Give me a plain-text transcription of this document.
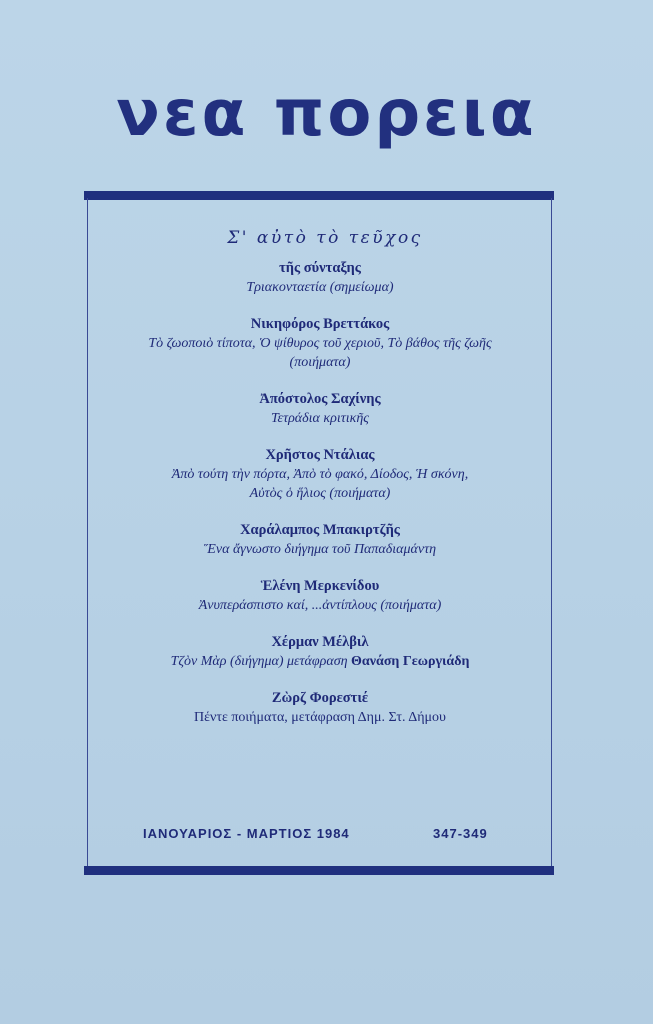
νεα πορεια
Σ' αὐτὸ τὸ τεῦχος
τῆς σύνταξης
Τριακονταετία (σημείωμα)
Νικηφόρος Βρεττάκος
Τὸ ζωοποιὸ τίποτα, Ὁ ψίθυρος τοῦ χεριοῦ, Τὸ βάθος τῆς ζωῆς
(ποιήματα)
Ἀπόστολος Σαχίνης
Τετράδια κριτικῆς
Χρῆστος Ντάλιας
Ἀπὸ τούτη τὴν πόρτα, Ἀπὸ τὸ φακό, Δίοδος, Ἡ σκόνη,
Αὐτὸς ὁ ἥλιος (ποιήματα)
Χαράλαμπος Μπακιρτζῆς
Ἕνα ἄγνωστο διήγημα τοῦ Παπαδιαμάντη
Ἑλένη Μερκενίδου
Ἀνυπεράσπιστο καί, ...ἀντίπλους (ποιήματα)
Χέρμαν Μέλβιλ
Τζὸν Μὰρ (διήγημα) μετάφραση Θανάση Γεωργιάδη
Ζὼρζ Φορεστιέ
Πέντε ποιήματα, μετάφραση Δημ. Στ. Δήμου
ΙΑΝΟΥΑΡΙΟΣ - ΜΑΡΤΙΟΣ 1984	347-349
